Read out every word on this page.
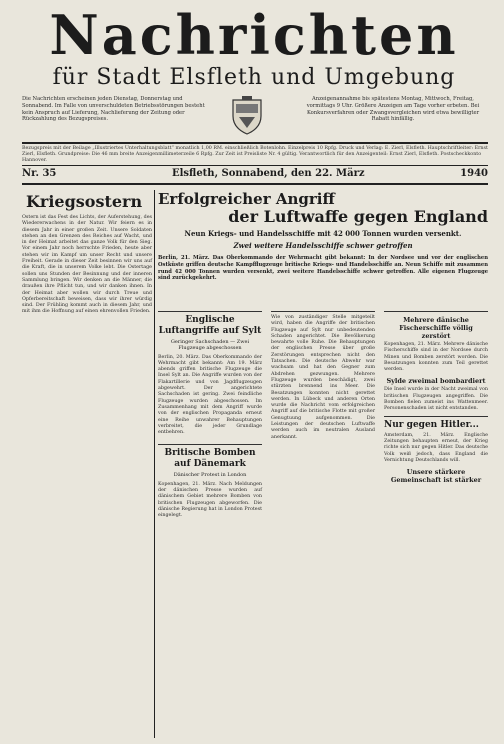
Nachrichten
für Stadt Elsfleth und Umgebung
Die Nachrichten erscheinen jeden Dienstag, Donnerstag und Sonnabend. Im Falle von unverschuldeten Betriebsstörungen besteht kein Anspruch auf Lieferung, Nachlieferung der Zeitung oder Rückzahlung des Bezugspreises.
Anzeigenannahme bis spätestens Montag, Mittwoch, Freitag, vormittags 9 Uhr. Größere Anzeigen am Tage vorher erbeten. Bei Konkursverfahren oder Zwangsvergleichen wird etwa bewilligter Rabatt hinfällig.
Bezugspreis mit der Beilage „Illustriertes Unterhaltungsblatt“ monatlich 1,00 RM. einschließlich Botenlohn. Einzelpreis 10 Rpfg. Druck und Verlag: E. Zierl, Elsfleth. Hauptschriftleiter: Ernst Zierl, Elsfleth. Grundpreise: Die 46 mm breite Anzeigenmillimeterzeile 6 Rpfg. Zur Zeit ist Preisliste Nr. 4 gültig. Verantwortlich für den Anzeigenteil: Ernst Zierl, Elsfleth. Postscheckkonto Hannover.
Nr. 35	Elsfleth, Sonnabend, den 22. März	1940
Kriegsostern
Ostern ist das Fest des Lichts, der Auferstehung, des Wiedererwachens in der Natur. Wir feiern es in diesem Jahr in einer großen Zeit. Unsere Soldaten stehen an den Grenzen des Reiches auf Wacht, und in der Heimat arbeitet das ganze Volk für den Sieg. Vor einem Jahr noch herrschte Frieden, heute aber stehen wir im Kampf um unser Recht und unsere Freiheit. Gerade in dieser Zeit besinnen wir uns auf die Kraft, die in unserem Volke lebt. Die Ostertage sollen uns Stunden der Besinnung und der inneren Sammlung bringen. Wir denken an die Männer, die draußen ihre Pflicht tun, und wir danken ihnen. In der Heimat aber wollen wir durch Treue und Opferbereitschaft beweisen, dass wir ihrer würdig sind. Der Frühling kommt auch in diesem Jahr, und mit ihm die Hoffnung auf einen ehrenvollen Frieden.
Erfolgreicher Angriff
der Luftwaffe gegen England
Neun Kriegs- und Handelsschiffe mit 42 000 Tonnen wurden versenkt.
Zwei weitere Handelsschiffe schwer getroffen
Berlin, 21. März. Das Oberkommando der Wehrmacht gibt bekannt: In der Nordsee und vor der englischen Ostküste griffen deutsche Kampfflugzeuge britische Kriegs- und Handelsschiffe an. Neun Schiffe mit zusammen rund 42 000 Tonnen wurden versenkt, zwei weitere Handelsschiffe schwer getroffen. Alle eigenen Flugzeuge sind zurückgekehrt.
Englische Luftangriffe auf Sylt
Geringer Sachschaden — Zwei Flugzeuge abgeschossen
Berlin, 20. März. Das Oberkommando der Wehrmacht gibt bekannt: Am 19. März abends griffen britische Flugzeuge die Insel Sylt an. Die Angriffe wurden von der Flakartillerie und von Jagdflugzeugen abgewehrt. Der angerichtete Sachschaden ist gering. Zwei feindliche Flugzeuge wurden abgeschossen. Im Zusammenhang mit dem Angriff wurde von der englischen Propaganda erneut eine Reihe unwahrer Behauptungen verbreitet, die jeder Grundlage entbehren.
Britische Bomben auf Dänemark
Dänischer Protest in London
Kopenhagen, 21. März. Nach Meldungen der dänischen Presse wurden auf dänischem Gebiet mehrere Bomben von britischen Flugzeugen abgeworfen. Die dänische Regierung hat in London Protest eingelegt.
Wie von zuständiger Stelle mitgeteilt wird, haben die Angriffe der britischen Flugzeuge auf Sylt nur unbedeutenden Schaden angerichtet. Die Bevölkerung bewahrte volle Ruhe. Die Behauptungen der englischen Presse über große Zerstörungen entsprechen nicht den Tatsachen. Die deutsche Abwehr war wachsam und hat den Gegner zum Abdrehen gezwungen. Mehrere Flugzeuge wurden beschädigt, zwei stürzten brennend ins Meer. Die Besatzungen konnten nicht gerettet werden. In Lübeck und anderen Orten wurde die Nachricht vom erfolgreichen Angriff auf die britische Flotte mit großer Genugtuung aufgenommen. Die Leistungen der deutschen Luftwaffe werden auch im neutralen Ausland anerkannt.
Mehrere dänische Fischerschiffe völlig zerstört
Kopenhagen, 21. März. Mehrere dänische Fischerschiffe sind in der Nordsee durch Minen und Bomben zerstört worden. Die Besatzungen konnten zum Teil gerettet werden.
Sylde zweimal bombardiert
Die Insel wurde in der Nacht zweimal von britischen Flugzeugen angegriffen. Die Bomben fielen zumeist ins Wattenmeer. Personenschaden ist nicht entstanden.
Nur gegen Hitler...
Amsterdam, 21. März. Englische Zeitungen behaupten erneut, der Krieg richte sich nur gegen Hitler. Das deutsche Volk weiß jedoch, dass England die Vernichtung Deutschlands will.
Unsere stärkere Gemeinschaft ist stärker
